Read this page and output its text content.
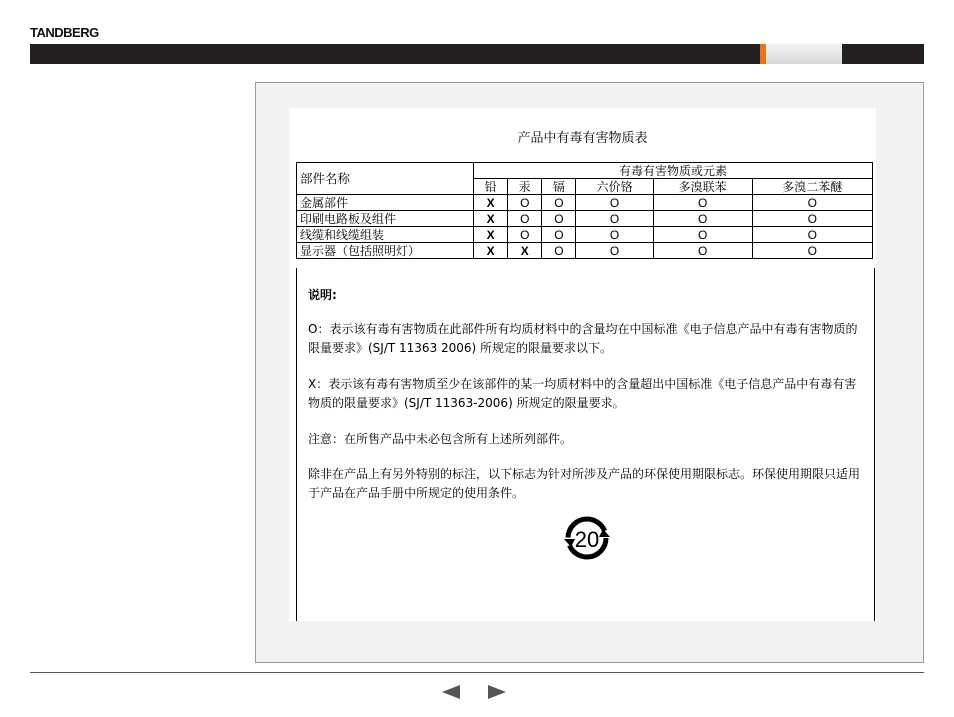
TANDBERG
产品中有毒有害物质表
部件名称	有毒有害物质或元素					
	铅	汞	镉	六价铬	多溴联苯	多溴二苯醚
金属部件	X	O	O	O	O	O
印刷电路板及组件	X	O	O	O	O	O
线缆和线缆组装	X	O	O	O	O	O
显示器（包括照明灯）	X	X	O	O	O	O

说明:

O：表示该有毒有害物质在此部件所有均质材料中的含量均在中国标准《电子信息产品中有毒有害物质的限量要求》(SJ/T 11363 2006) 所规定的限量要求以下。

X：表示该有毒有害物质至少在该部件的某一均质材料中的含量超出中国标准《电子信息产品中有毒有害物质的限量要求》(SJ/T 11363-2006) 所规定的限量要求。

注意：在所售产品中未必包含所有上述所列部件。

除非在产品上有另外特别的标注，以下标志为针对所涉及产品的环保使用期限标志。环保使用期限只适用于产品在产品手册中所规定的使用条件。

20
